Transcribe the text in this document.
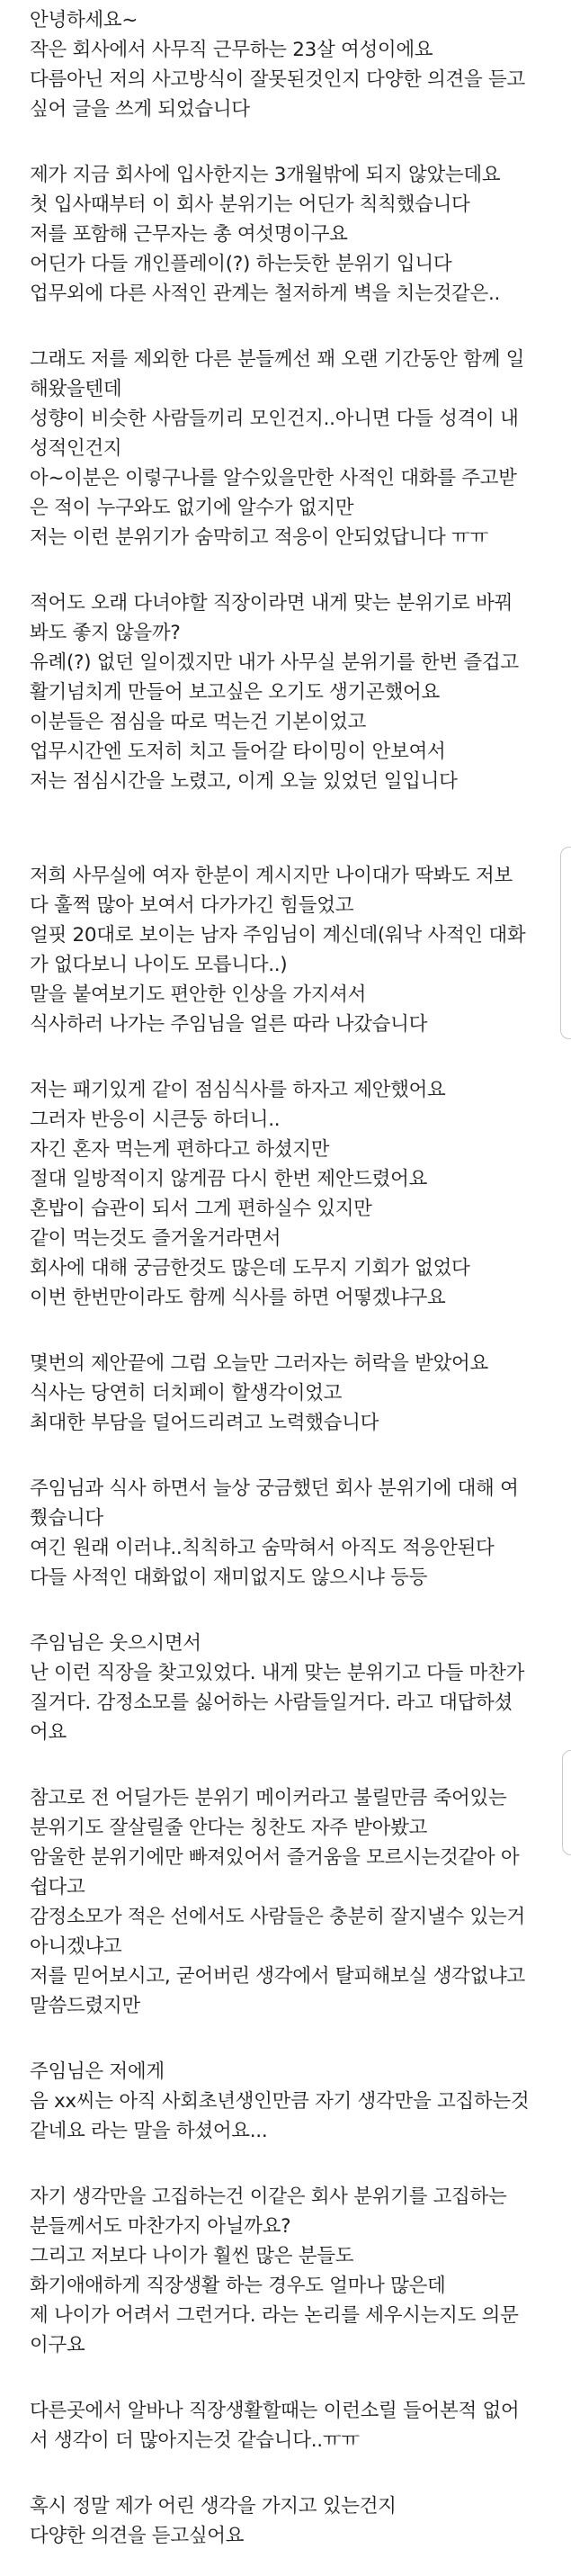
안녕하세요~
작은 회사에서 사무직 근무하는 23살 여성이에요
다름아닌 저의 사고방식이 잘못된것인지 다양한 의견을 듣고
싶어 글을 쓰게 되었습니다
제가 지금 회사에 입사한지는 3개월밖에 되지 않았는데요
첫 입사때부터 이 회사 분위기는 어딘가 칙칙했습니다
저를 포함해 근무자는 총 여섯명이구요
어딘가 다들 개인플레이(?) 하는듯한 분위기 입니다
업무외에 다른 사적인 관계는 철저하게 벽을 치는것같은..
그래도 저를 제외한 다른 분들께선 꽤 오랜 기간동안 함께 일
해왔을텐데
성향이 비슷한 사람들끼리 모인건지..아니면 다들 성격이 내
성적인건지
아~이분은 이렇구나를 알수있을만한 사적인 대화를 주고받
은 적이 누구와도 없기에 알수가 없지만
저는 이런 분위기가 숨막히고 적응이 안되었답니다 ㅠㅠ
적어도 오래 다녀야할 직장이라면 내게 맞는 분위기로 바꿔
봐도 좋지 않을까?
유례(?) 없던 일이겠지만 내가 사무실 분위기를 한번 즐겁고
활기넘치게 만들어 보고싶은 오기도 생기곤했어요
이분들은 점심을 따로 먹는건 기본이었고
업무시간엔 도저히 치고 들어갈 타이밍이 안보여서
저는 점심시간을 노렸고, 이게 오늘 있었던 일입니다
저희 사무실에 여자 한분이 계시지만 나이대가 딱봐도 저보
다 훌쩍 많아 보여서 다가가긴 힘들었고
얼핏 20대로 보이는 남자 주임님이 계신데(워낙 사적인 대화
가 없다보니 나이도 모릅니다..)
말을 붙여보기도 편안한 인상을 가지셔서
식사하러 나가는 주임님을 얼른 따라 나갔습니다
저는 패기있게 같이 점심식사를 하자고 제안했어요
그러자 반응이 시큰둥 하더니..
자긴 혼자 먹는게 편하다고 하셨지만
절대 일방적이지 않게끔 다시 한번 제안드렸어요
혼밥이 습관이 되서 그게 편하실수 있지만
같이 먹는것도 즐거울거라면서
회사에 대해 궁금한것도 많은데 도무지 기회가 없었다
이번 한번만이라도 함께 식사를 하면 어떻겠냐구요
몇번의 제안끝에 그럼 오늘만 그러자는 허락을 받았어요
식사는 당연히 더치페이 할생각이었고
최대한 부담을 덜어드리려고 노력했습니다
주임님과 식사 하면서 늘상 궁금했던 회사 분위기에 대해 여
쭸습니다
여긴 원래 이러냐..칙칙하고 숨막혀서 아직도 적응안된다
다들 사적인 대화없이 재미없지도 않으시냐 등등
주임님은 웃으시면서
난 이런 직장을 찾고있었다. 내게 맞는 분위기고 다들 마찬가
질거다. 감정소모를 싫어하는 사람들일거다. 라고 대답하셨
어요
참고로 전 어딜가든 분위기 메이커라고 불릴만큼 죽어있는
분위기도 잘살릴줄 안다는 칭찬도 자주 받아봤고
암울한 분위기에만 빠져있어서 즐거움을 모르시는것같아 아
쉽다고
감정소모가 적은 선에서도 사람들은 충분히 잘지낼수 있는거
아니겠냐고
저를 믿어보시고, 굳어버린 생각에서 탈피해보실 생각없냐고
말씀드렸지만
주임님은 저에게
음 xx씨는 아직 사회초년생인만큼 자기 생각만을 고집하는것
같네요 라는 말을 하셨어요...
자기 생각만을 고집하는건 이같은 회사 분위기를 고집하는
분들께서도 마찬가지 아닐까요?
그리고 저보다 나이가 훨씬 많은 분들도
화기애애하게 직장생활 하는 경우도 얼마나 많은데
제 나이가 어려서 그런거다. 라는 논리를 세우시는지도 의문
이구요
다른곳에서 알바나 직장생활할때는 이런소릴 들어본적 없어
서 생각이 더 많아지는것 같습니다..ㅠㅠ
혹시 정말 제가 어린 생각을 가지고 있는건지
다양한 의견을 듣고싶어요
